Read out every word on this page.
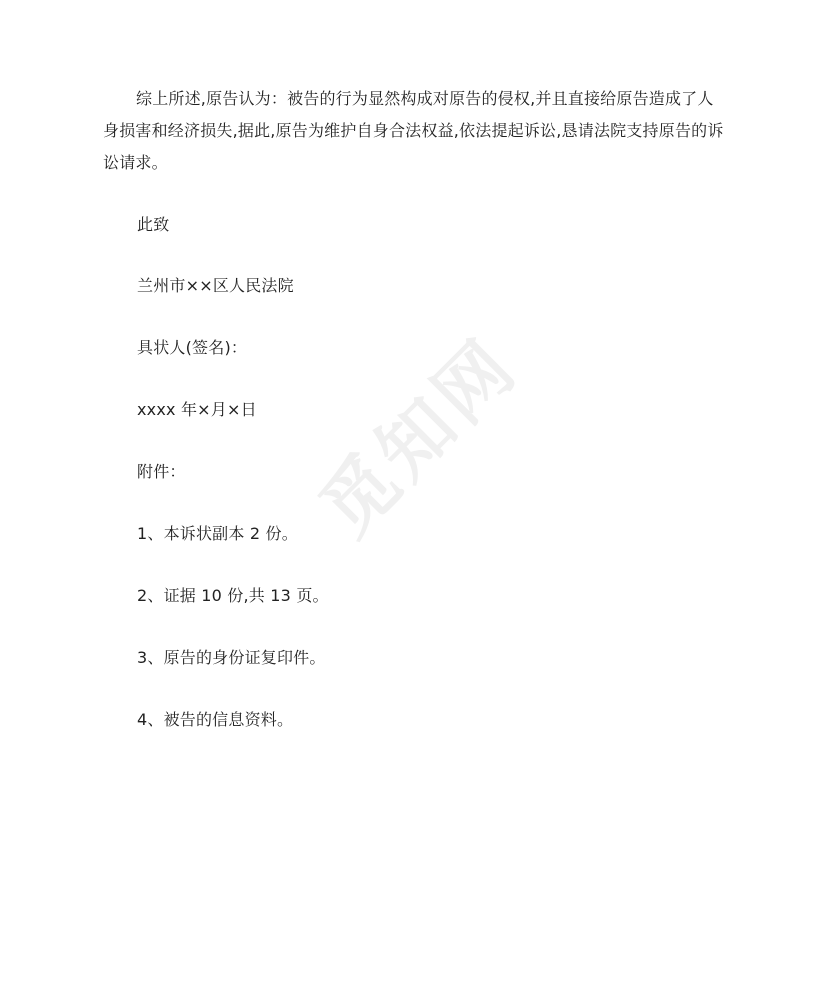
觅知网

综上所述,原告认为：被告的行为显然构成对原告的侵权,并且直接给原告造成了人身损害和经济损失,据此,原告为维护自身合法权益,依法提起诉讼,恳请法院支持原告的诉讼请求。

此致
兰州市××区人民法院
具状人(签名)：
xxxx 年×月×日
附件：
1、本诉状副本 2 份。
2、证据 10 份,共 13 页。
3、原告的身份证复印件。
4、被告的信息资料。
